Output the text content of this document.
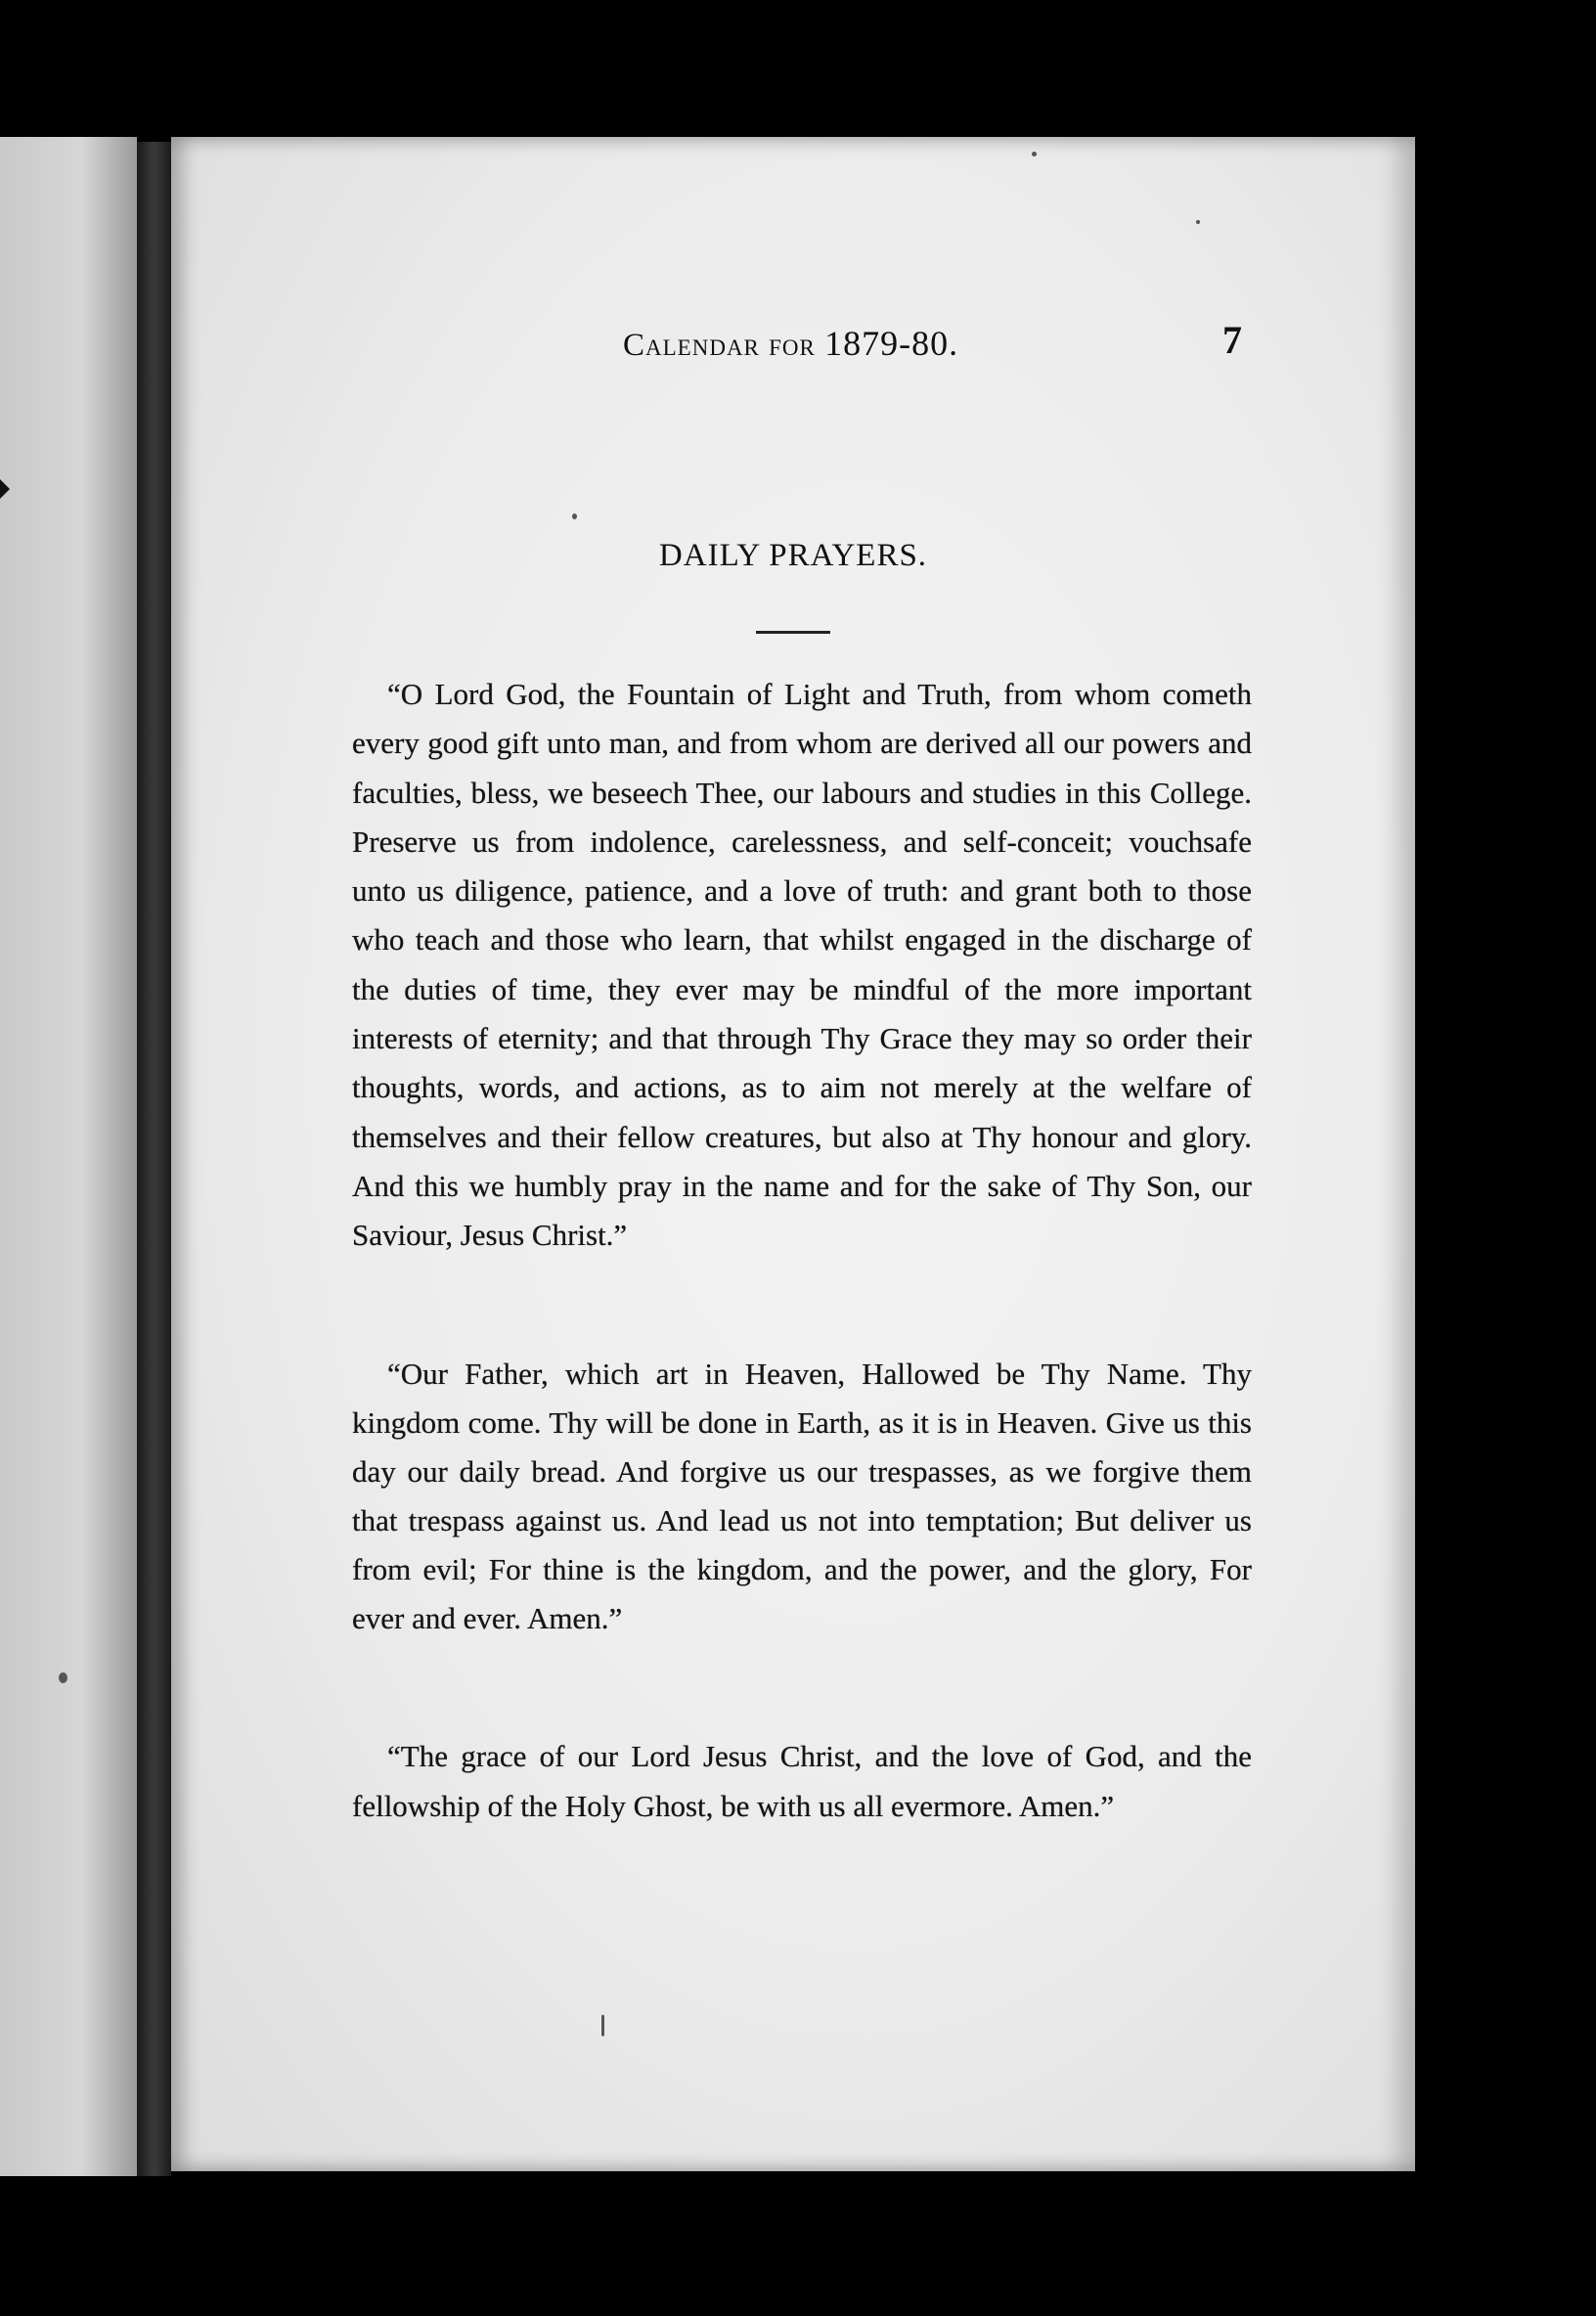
Calendar for 1879-80.	7
DAILY PRAYERS.

“O Lord God, the Fountain of Light and Truth, from whom cometh every good gift unto man, and from whom are derived all our powers and faculties, bless, we beseech Thee, our labours and studies in this College. Preserve us from indolence, carelessness, and self-conceit; vouchsafe unto us diligence, patience, and a love of truth: and grant both to those who teach and those who learn, that whilst engaged in the discharge of the duties of time, they ever may be mindful of the more important interests of eternity; and that through Thy Grace they may so order their thoughts, words, and actions, as to aim not merely at the welfare of themselves and their fellow creatures, but also at Thy honour and glory. And this we humbly pray in the name and for the sake of Thy Son, our Saviour, Jesus Christ.”

“Our Father, which art in Heaven, Hallowed be Thy Name. Thy kingdom come. Thy will be done in Earth, as it is in Heaven. Give us this day our daily bread. And forgive us our trespasses, as we forgive them that trespass against us. And lead us not into temptation; But deliver us from evil; For thine is the kingdom, and the power, and the glory, For ever and ever. Amen.”

“The grace of our Lord Jesus Christ, and the love of God, and the fellowship of the Holy Ghost, be with us all evermore. Amen.”
